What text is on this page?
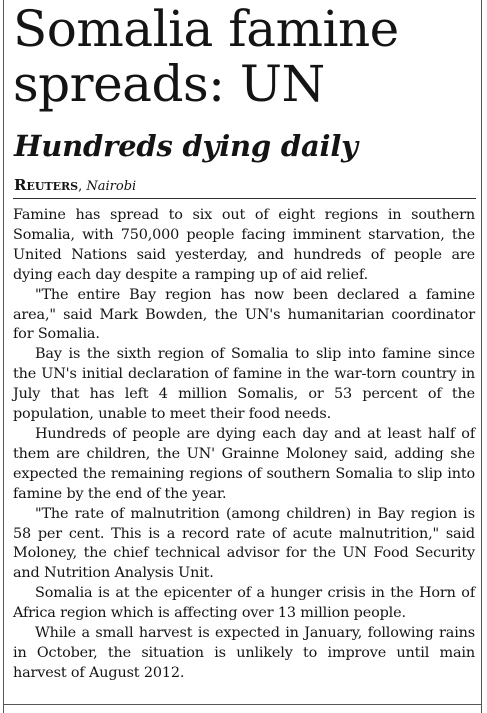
Somalia famine spreads: UN
Hundreds dying daily
Reuters, Nairobi

Famine has spread to six out of eight regions in southern Somalia, with 750,000 people facing imminent starvation, the United Nations said yesterday, and hundreds of people are dying each day despite a ramping up of aid relief.

"The entire Bay region has now been declared a famine area," said Mark Bowden, the UN's humanitarian coordinator for Somalia.

Bay is the sixth region of Somalia to slip into famine since the UN's initial declaration of famine in the war-torn country in July that has left 4 million Somalis, or 53 percent of the population, unable to meet their food needs.

Hundreds of people are dying each day and at least half of them are children, the UN' Grainne Moloney said, adding she expected the remaining regions of southern Somalia to slip into famine by the end of the year.

"The rate of malnutrition (among children) in Bay region is 58 per cent. This is a record rate of acute malnutrition," said Moloney, the chief technical advisor for the UN Food Security and Nutrition Analysis Unit.

Somalia is at the epicenter of a hunger crisis in the Horn of Africa region which is affecting over 13 million people.

While a small harvest is expected in January, following rains in October, the situation is unlikely to improve until main harvest of August 2012.
